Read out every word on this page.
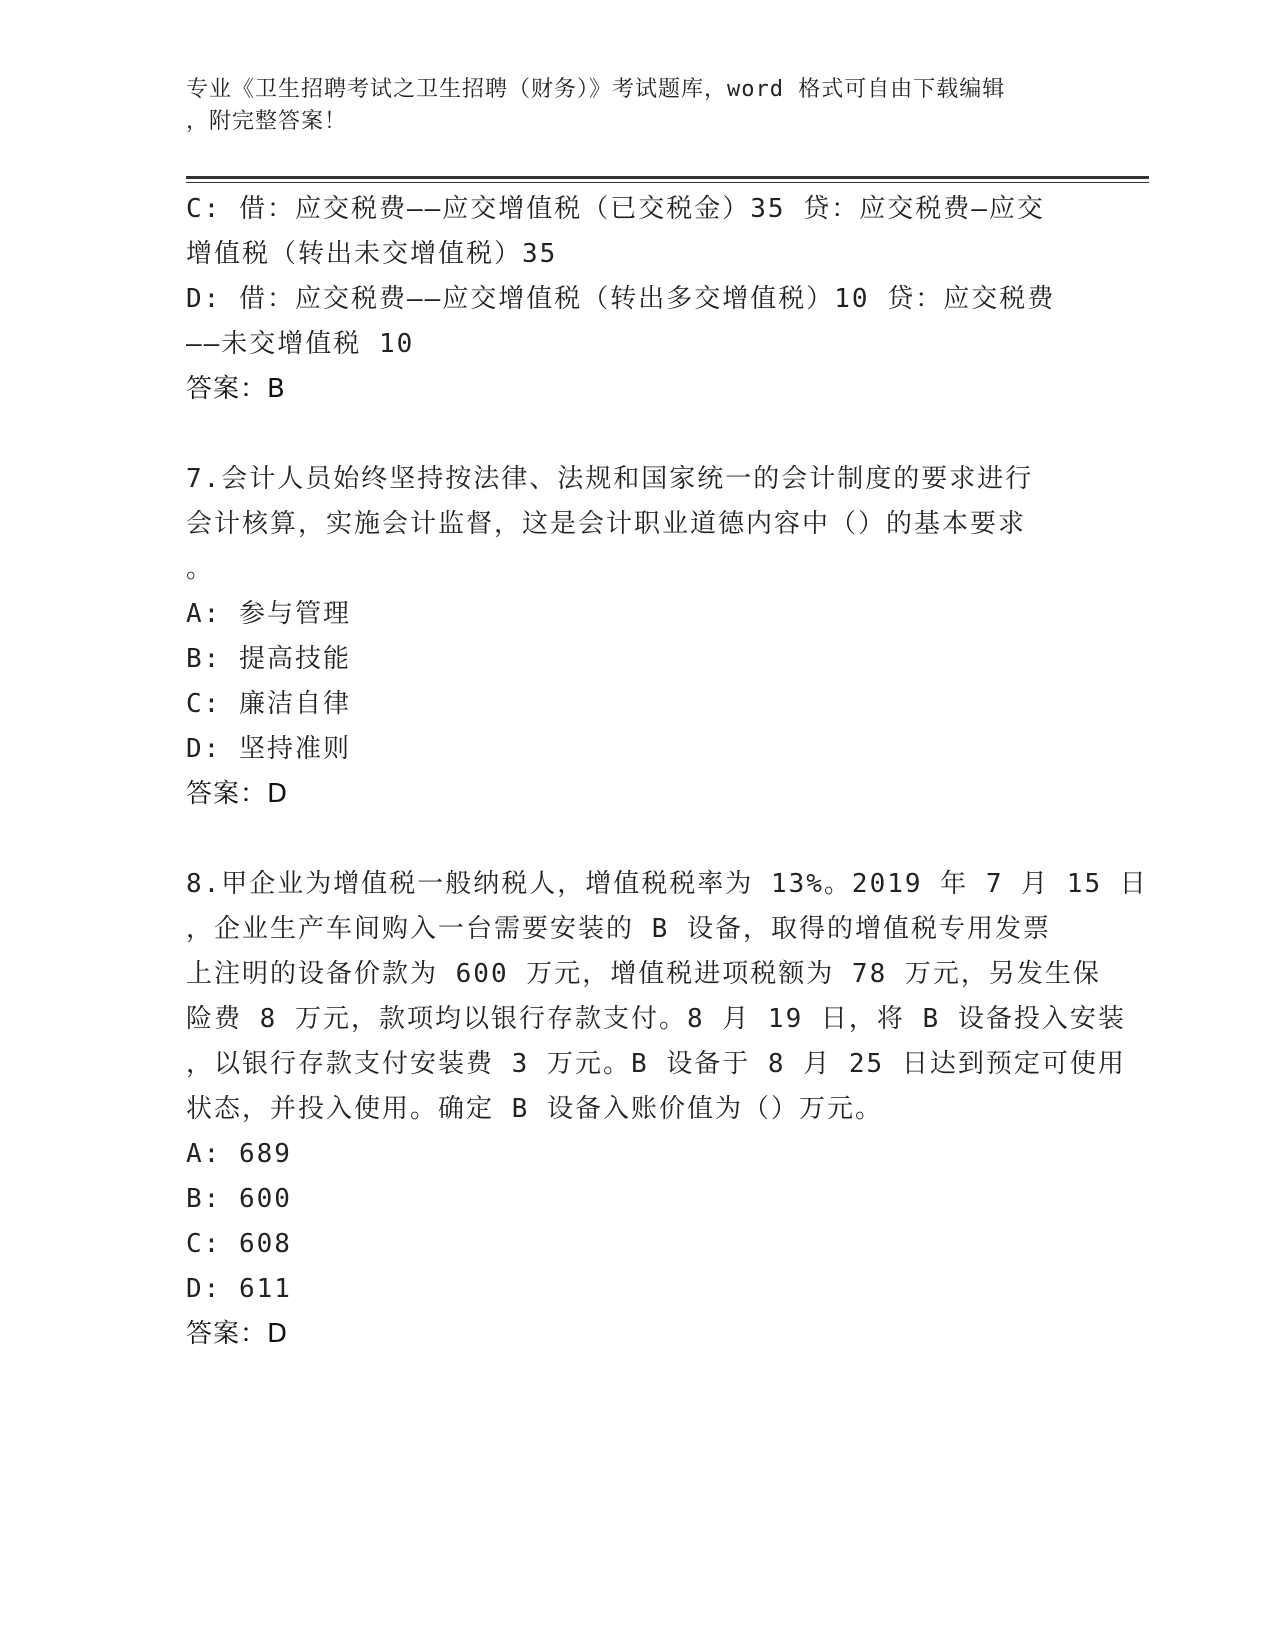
专业《卫生招聘考试之卫生招聘（财务）》考试题库，word 格式可自由下载编辑
，附完整答案！
C: 借：应交税费——应交增值税（已交税金）35 贷：应交税费—应交
增值税（转出未交增值税）35
D: 借：应交税费——应交增值税（转出多交增值税）10 贷：应交税费
——未交增值税 10
答案：B
7.会计人员始终坚持按法律、法规和国家统一的会计制度的要求进行
会计核算，实施会计监督，这是会计职业道德内容中（）的基本要求
。
A: 参与管理
B: 提高技能
C: 廉洁自律
D: 坚持准则
答案：D
8.甲企业为增值税一般纳税人，增值税税率为 13%。2019 年 7 月 15 日
，企业生产车间购入一台需要安装的 B 设备，取得的增值税专用发票
上注明的设备价款为 600 万元，增值税进项税额为 78 万元，另发生保
险费 8 万元，款项均以银行存款支付。8 月 19 日，将 B 设备投入安装
，以银行存款支付安装费 3 万元。B 设备于 8 月 25 日达到预定可使用
状态，并投入使用。确定 B 设备入账价值为（）万元。
A: 689
B: 600
C: 608
D: 611
答案：D
